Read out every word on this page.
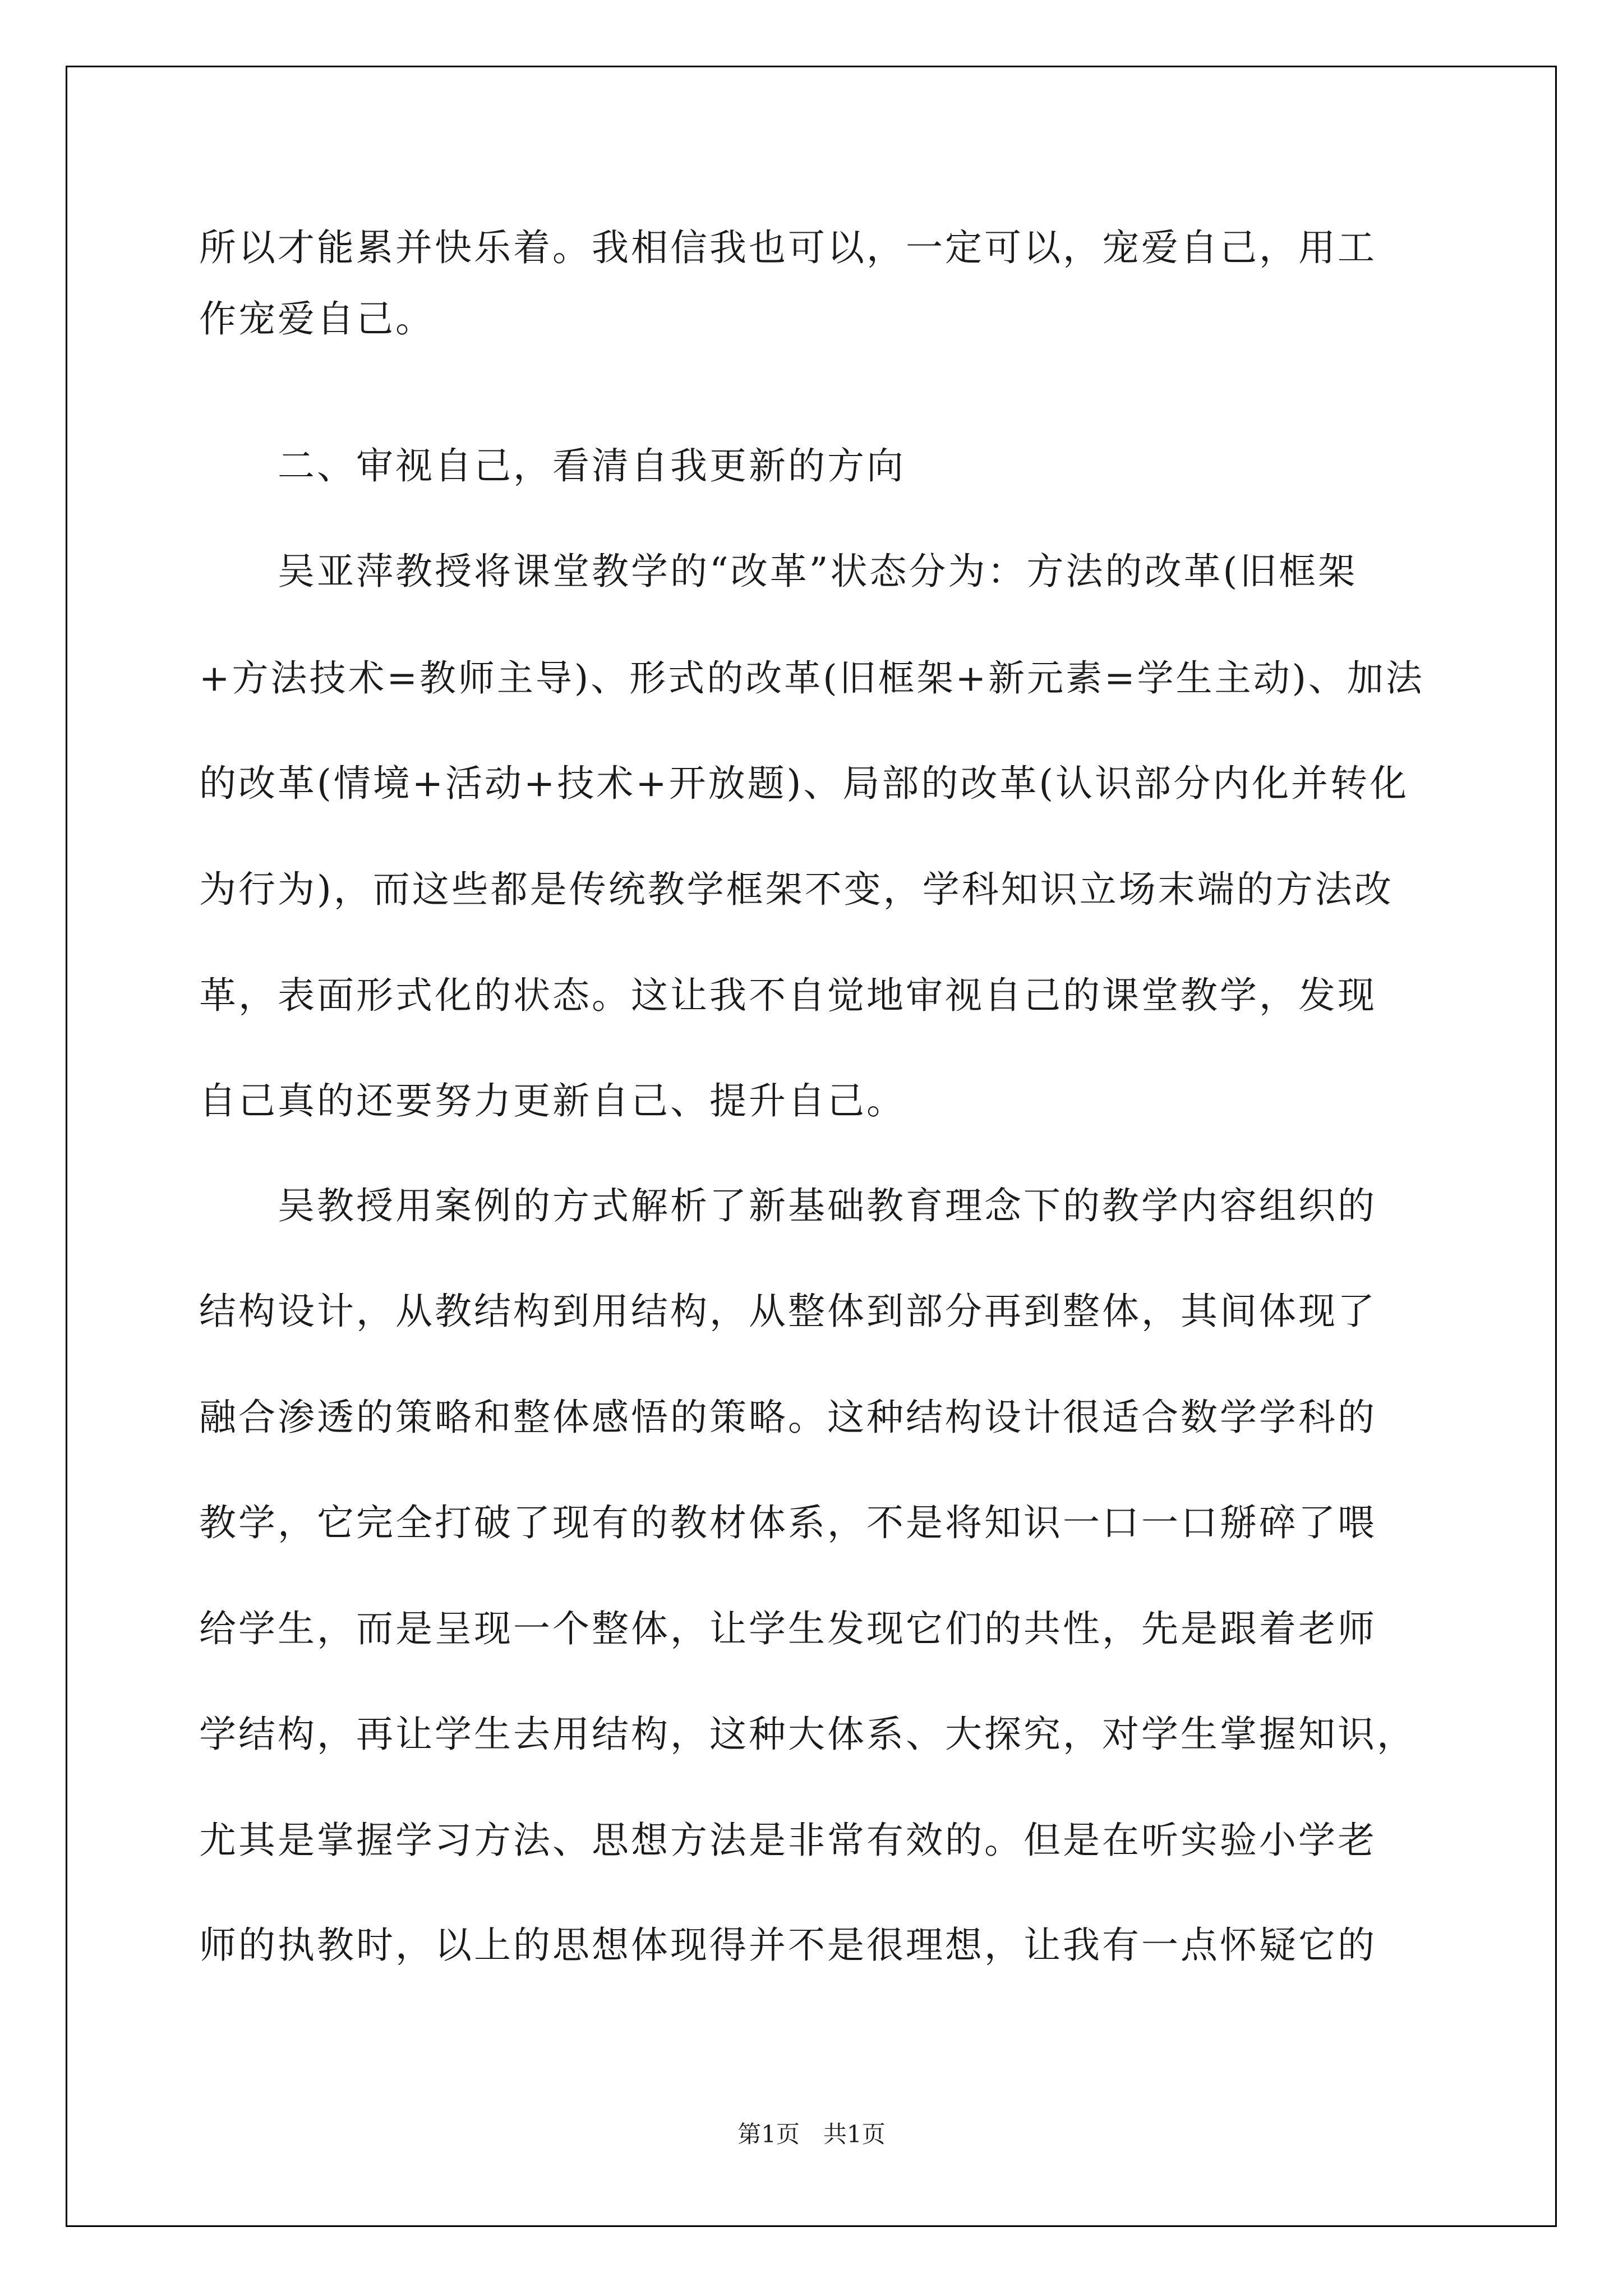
所以才能累并快乐着。我相信我也可以，一定可以，宠爱自己，用工
作宠爱自己。
　　二、审视自己，看清自我更新的方向
　　吴亚萍教授将课堂教学的“改革”状态分为：方法的改革(旧框架
+方法技术=教师主导)、形式的改革(旧框架+新元素=学生主动)、加法
的改革(情境+活动+技术+开放题)、局部的改革(认识部分内化并转化
为行为)，而这些都是传统教学框架不变，学科知识立场末端的方法改
革，表面形式化的状态。这让我不自觉地审视自己的课堂教学，发现
自己真的还要努力更新自己、提升自己。
　　吴教授用案例的方式解析了新基础教育理念下的教学内容组织的
结构设计，从教结构到用结构，从整体到部分再到整体，其间体现了
融合渗透的策略和整体感悟的策略。这种结构设计很适合数学学科的
教学，它完全打破了现有的教材体系，不是将知识一口一口掰碎了喂
给学生，而是呈现一个整体，让学生发现它们的共性，先是跟着老师
学结构，再让学生去用结构，这种大体系、大探究，对学生掌握知识，
尤其是掌握学习方法、思想方法是非常有效的。但是在听实验小学老
师的执教时，以上的思想体现得并不是很理想，让我有一点怀疑它的
第1页　共1页
